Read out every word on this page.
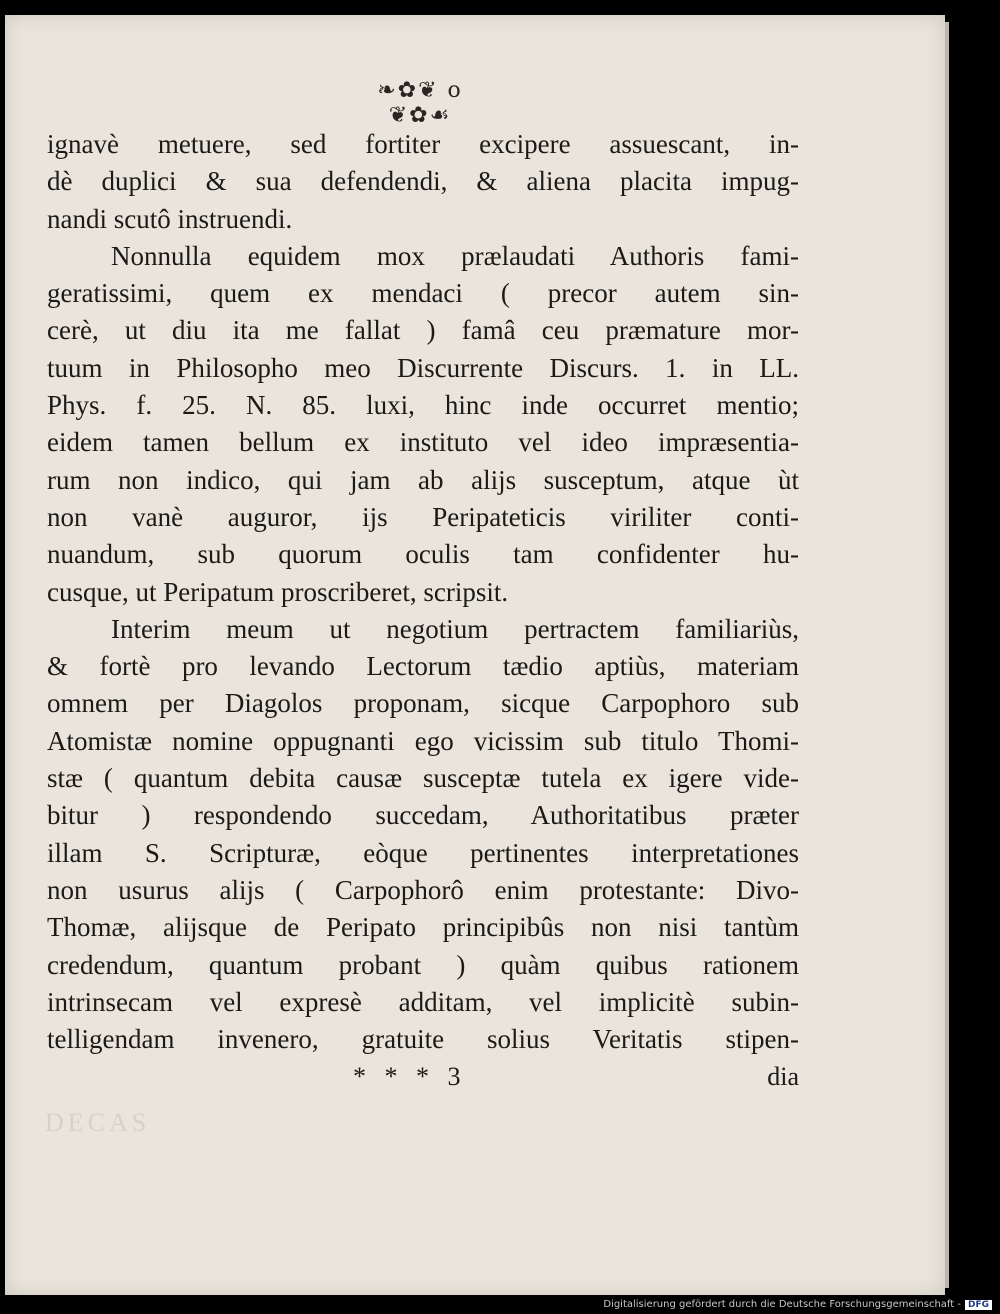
❧✿❦ o ❦✿☙
ignavè metuere, sed fortiter excipere assuescant, in-
dè duplici & sua defendendi, & aliena placita impug-
nandi scutô instruendi.
Nonnulla equidem mox prælaudati Authoris fami-
geratissimi, quem ex mendaci ( precor autem sin-
cerè, ut diu ita me fallat ) famâ ceu præmature mor-
tuum in Philosopho meo Discurrente Discurs. 1. in LL.
Phys. f. 25. N. 85. luxi, hinc inde occurret mentio;
eidem tamen bellum ex instituto vel ideo impræsentia-
rum non indico, qui jam ab alijs susceptum, atque ùt
non vanè auguror, ijs Peripateticis viriliter conti-
nuandum, sub quorum oculis tam confidenter hu-
cusque, ut Peripatum proscriberet, scripsit.
Interim meum ut negotium pertractem familiariùs,
& fortè pro levando Lectorum tædio aptiùs, materiam
omnem per Diagolos proponam, sicque Carpophoro sub
Atomistæ nomine oppugnanti ego vicissim sub titulo Thomi-
stæ ( quantum debita causæ susceptæ tutela ex igere vide-
bitur ) respondendo succedam, Authoritatibus præter
illam S. Scripturæ, eòque pertinentes interpretationes
non usurus alijs ( Carpophorô enim protestante: Divo-
Thomæ, alijsque de Peripato principibûs non nisi tantùm
credendum, quantum probant ) quàm quibus rationem
intrinsecam vel expresè additam, vel implicitè subin-
telligendam invenero, gratuite solius Veritatis stipen-
* * * 3	dia
DECAS
Digitalisierung gefördert durch die Deutsche Forschungsgemeinschaft - DFG
